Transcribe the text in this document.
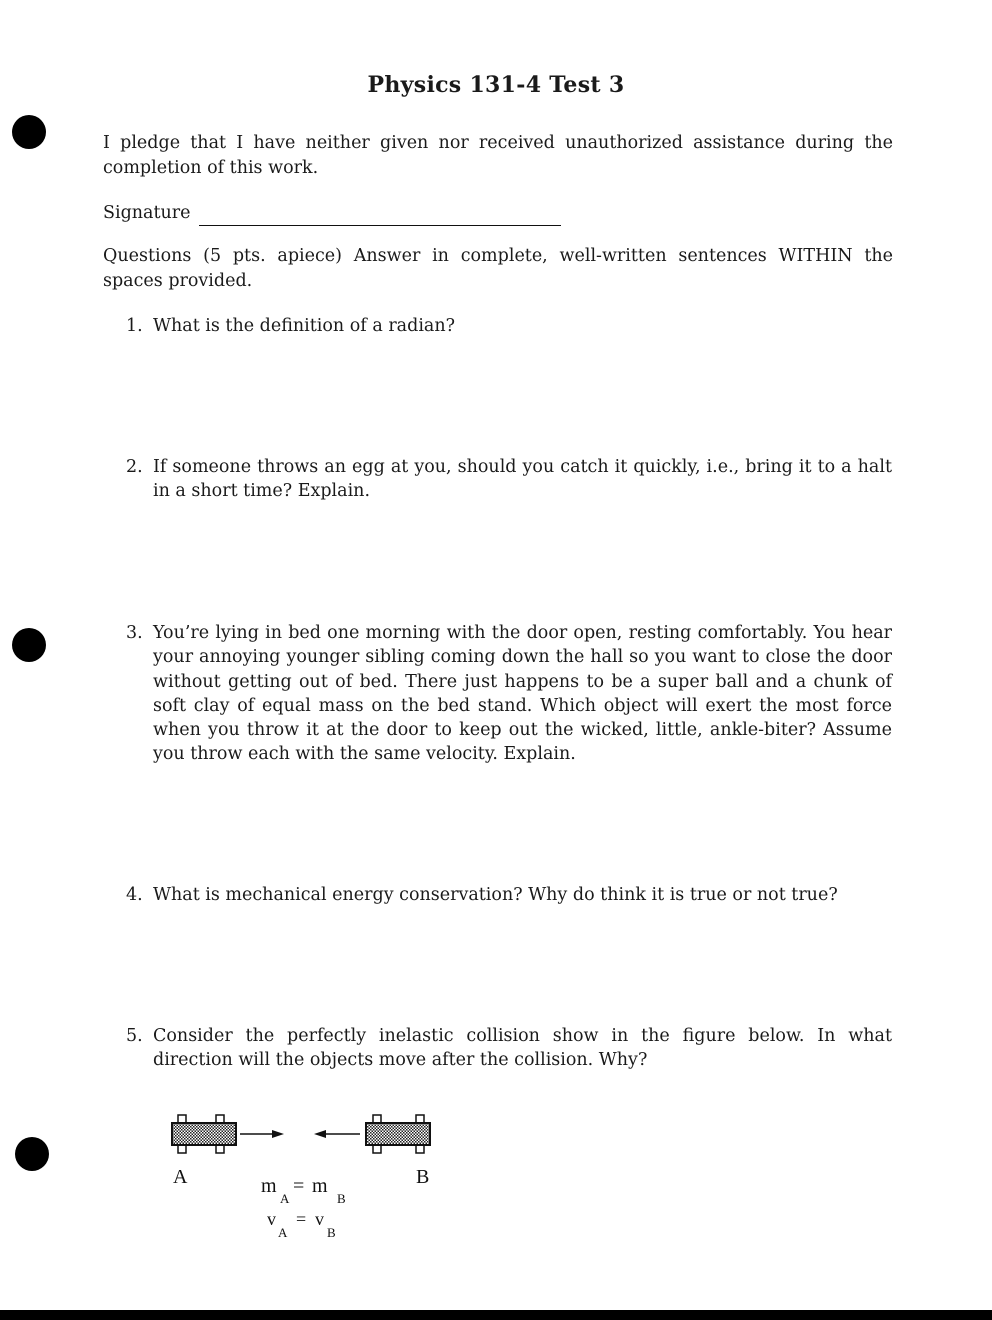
Physics 131-4 Test 3
I pledge that I have neither given nor received unauthorized assistance during the completion of this work.
Signature
Questions (5 pts. apiece) Answer in complete, well-written sentences WITHIN the spaces provided.
1. What is the definition of a radian?
2. If someone throws an egg at you, should you catch it quickly, i.e., bring it to a halt in a short time? Explain.
3. You’re lying in bed one morning with the door open, resting comfortably. You hear your annoying younger sibling coming down the hall so you want to close the door without getting out of bed. There just happens to be a super ball and a chunk of soft clay of equal mass on the bed stand. Which object will exert the most force when you throw it at the door to keep out the wicked, little, ankle-biter? Assume you throw each with the same velocity. Explain.
4. What is mechanical energy conservation? Why do think it is true or not true?
5. Consider the perfectly inelastic collision show in the figure below. In what direction will the objects move after the collision. Why?
A	B
m
A
= m
B
v
A
= v
B
